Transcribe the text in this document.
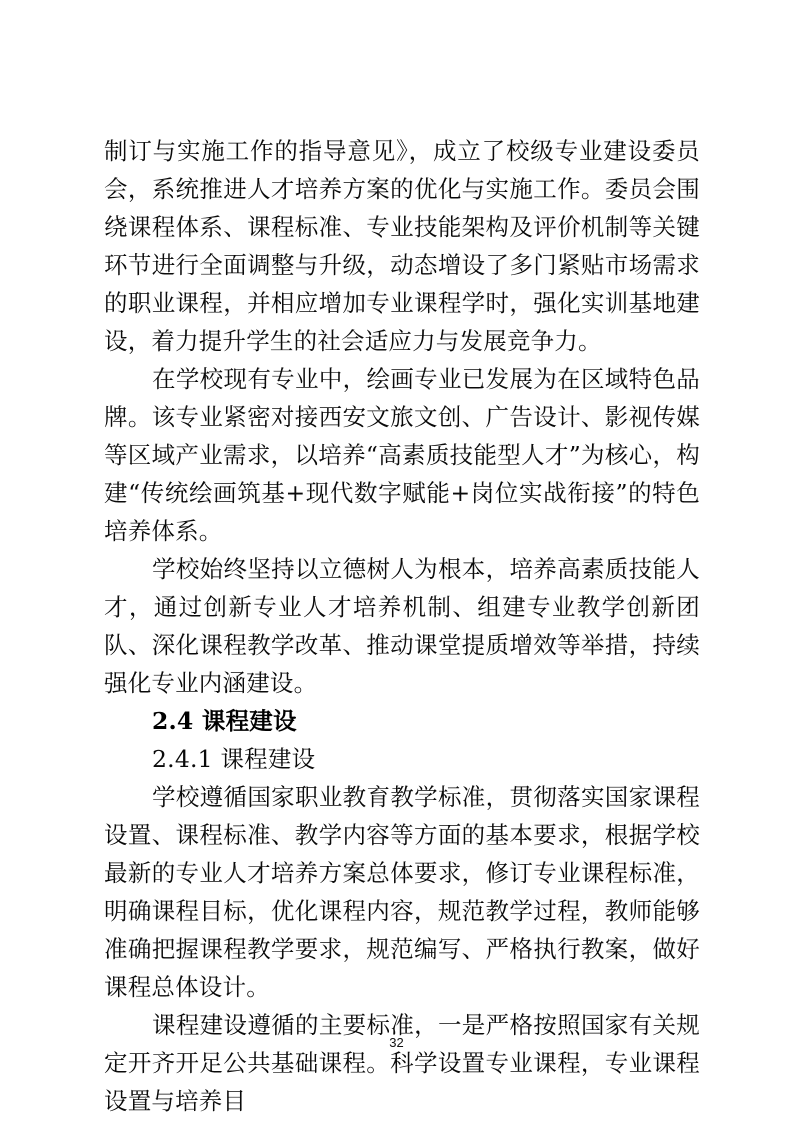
制订与实施工作的指导意见》，成立了校级专业建设委员会，系统推进人才培养方案的优化与实施工作。委员会围绕课程体系、课程标准、专业技能架构及评价机制等关键环节进行全面调整与升级，动态增设了多门紧贴市场需求的职业课程，并相应增加专业课程学时，强化实训基地建设，着力提升学生的社会适应力与发展竞争力。

在学校现有专业中，绘画专业已发展为在区域特色品牌。该专业紧密对接西安文旅文创、广告设计、影视传媒等区域产业需求，以培养“高素质技能型人才”为核心，构建“传统绘画筑基+现代数字赋能+岗位实战衔接”的特色培养体系。

学校始终坚持以立德树人为根本，培养高素质技能人才，通过创新专业人才培养机制、组建专业教学创新团队、深化课程教学改革、推动课堂提质增效等举措，持续强化专业内涵建设。

2.4 课程建设
2.4.1 课程建设

学校遵循国家职业教育教学标准，贯彻落实国家课程设置、课程标准、教学内容等方面的基本要求，根据学校最新的专业人才培养方案总体要求，修订专业课程标准，明确课程目标，优化课程内容，规范教学过程，教师能够准确把握课程教学要求，规范编写、严格执行教案，做好课程总体设计。

课程建设遵循的主要标准，一是严格按照国家有关规定开齐开足公共基础课程。科学设置专业课程，专业课程设置与培养目

32
